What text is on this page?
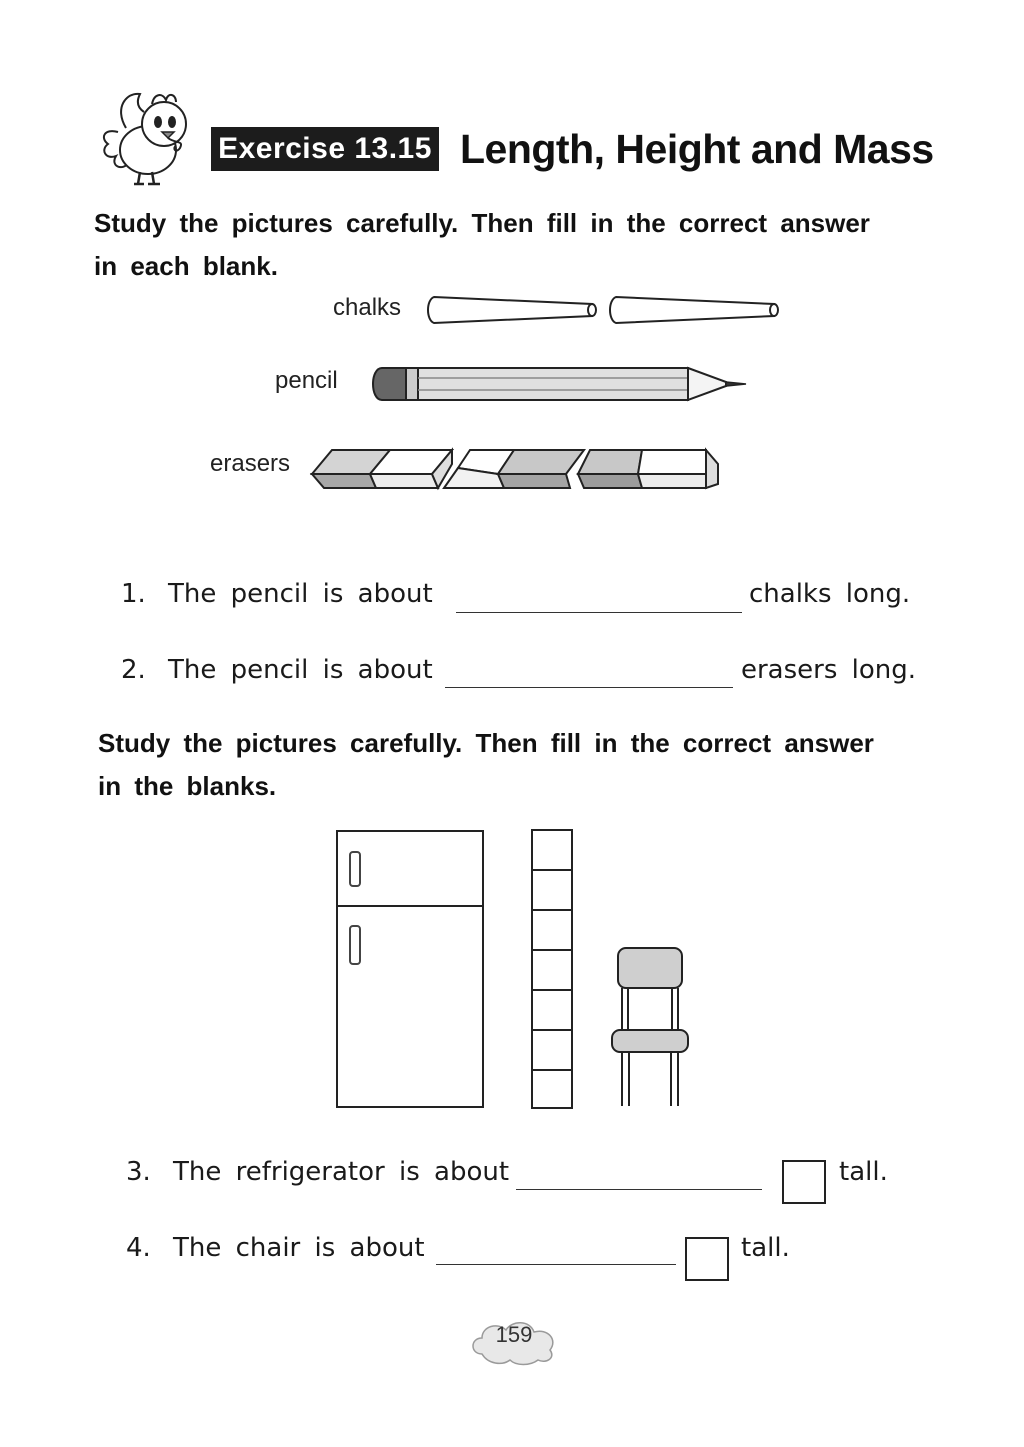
Exercise 13.15 Length, Height and Mass
Study the pictures carefully. Then fill in the correct answer
in each blank.
chalks
pencil
erasers
1. The pencil is about	chalks long.
2. The pencil is about	erasers long.
Study the pictures carefully. Then fill in the correct answer
in the blanks.
3. The refrigerator is about	tall.
4. The chair is about	tall.
159
